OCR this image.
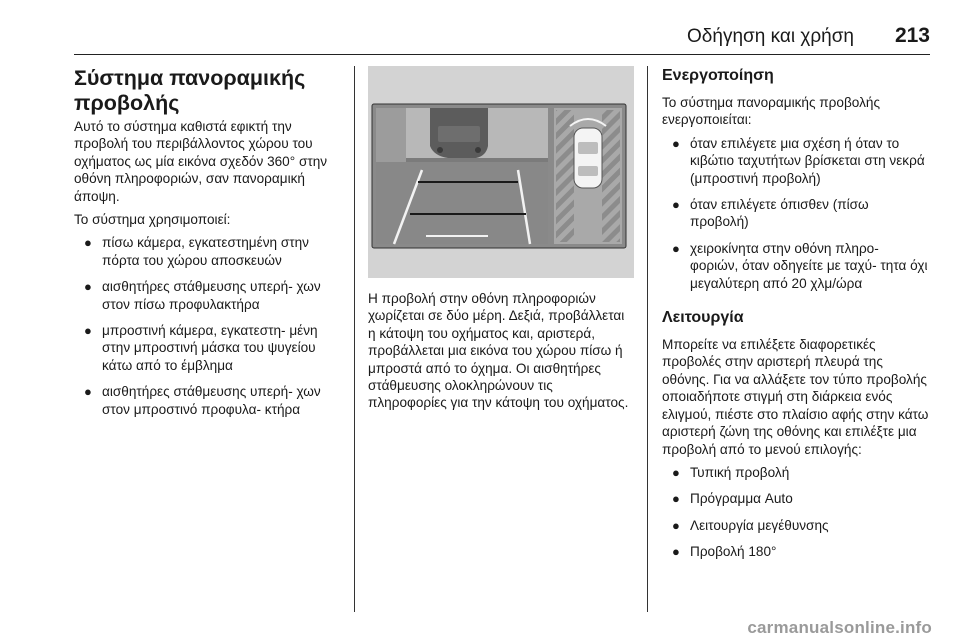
Οδήγηση και χρήση 213
Σύστημα πανοραμικής προβολής

Αυτό το σύστημα καθιστά εφικτή την προβολή του περιβάλλοντος χώρου του οχήματος ως μία εικόνα σχεδόν 360° στην οθόνη πληροφοριών, σαν πανοραμική άποψη.

Το σύστημα χρησιμοποιεί:

● πίσω κάμερα, εγκατεστημένη στην πόρτα του χώρου αποσκευών
● αισθητήρες στάθμευσης υπερή‐ χων στον πίσω προφυλακτήρα
● μπροστινή κάμερα, εγκατεστη‐ μένη στην μπροστινή μάσκα του ψυγείου κάτω από το έμβλημα
● αισθητήρες στάθμευσης υπερή‐ χων στον μπροστινό προφυλα‐ κτήρα

Η προβολή στην οθόνη πληροφοριών χωρίζεται σε δύο μέρη. Δεξιά, προβάλλεται η κάτοψη του οχήματος και, αριστερά, προβάλλεται μια εικόνα του χώρου πίσω ή μπροστά από το όχημα. Οι αισθητήρες στάθμευσης ολοκληρώνουν τις πληροφορίες για την κάτοψη του οχήματος.

Ενεργοποίηση

Το σύστημα πανοραμικής προβολής ενεργοποιείται:

● όταν επιλέγετε μια σχέση ή όταν το κιβώτιο ταχυτήτων βρίσκεται στη νεκρά (μπροστινή προβολή)
● όταν επιλέγετε όπισθεν (πίσω προβολή)
● χειροκίνητα στην οθόνη πληρο‐ φοριών, όταν οδηγείτε με ταχύ‐ τητα όχι μεγαλύτερη από 20 χλμ/ώρα
Λειτουργία

Μπορείτε να επιλέξετε διαφορετικές προβολές στην αριστερή πλευρά της οθόνης. Για να αλλάξετε τον τύπο προβολής οποιαδήποτε στιγμή στη διάρκεια ενός ελιγμού, πιέστε στο πλαίσιο αφής στην κάτω αριστερή ζώνη της οθόνης και επιλέξτε μια προβολή από το μενού επιλογής:

● Τυπική προβολή
● Πρόγραμμα Auto
● Λειτουργία μεγέθυνσης
● Προβολή 180°
carmanualsonline.info
